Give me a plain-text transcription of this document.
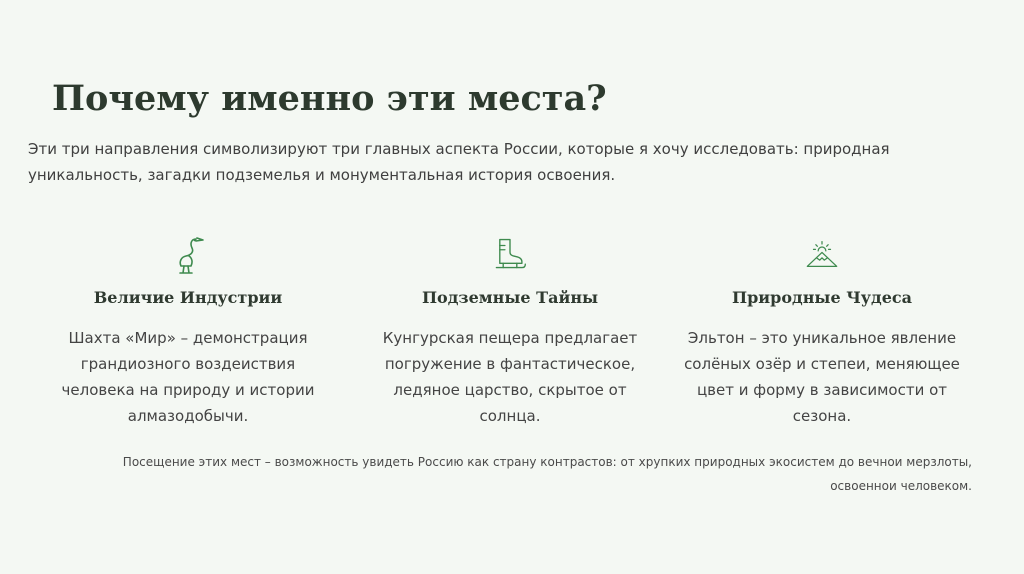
Почему именно эти места?
Эти три направления символизируют три главных аспекта России, которые я хочу исследовать: природная уникальность, загадки подземелья и монументальная история освоения.
Величие Индустрии

Шахта «Мир» – демонстрация грандиозного воздеиствия человека на природу и истории алмазодобычи.

Подземные Тайны

Кунгурская пещера предлагает погружение в фантастическое, ледяное царство, скрытое от солнца.

Природные Чудеса

Эльтон – это уникальное явление солёных озёр и степеи, меняющее цвет и форму в зависимости от сезона.

Посещение этих мест – возможность увидеть Россию как страну контрастов: от хрупких природных экосистем до вечнои мерзлоты, освоеннои человеком.
